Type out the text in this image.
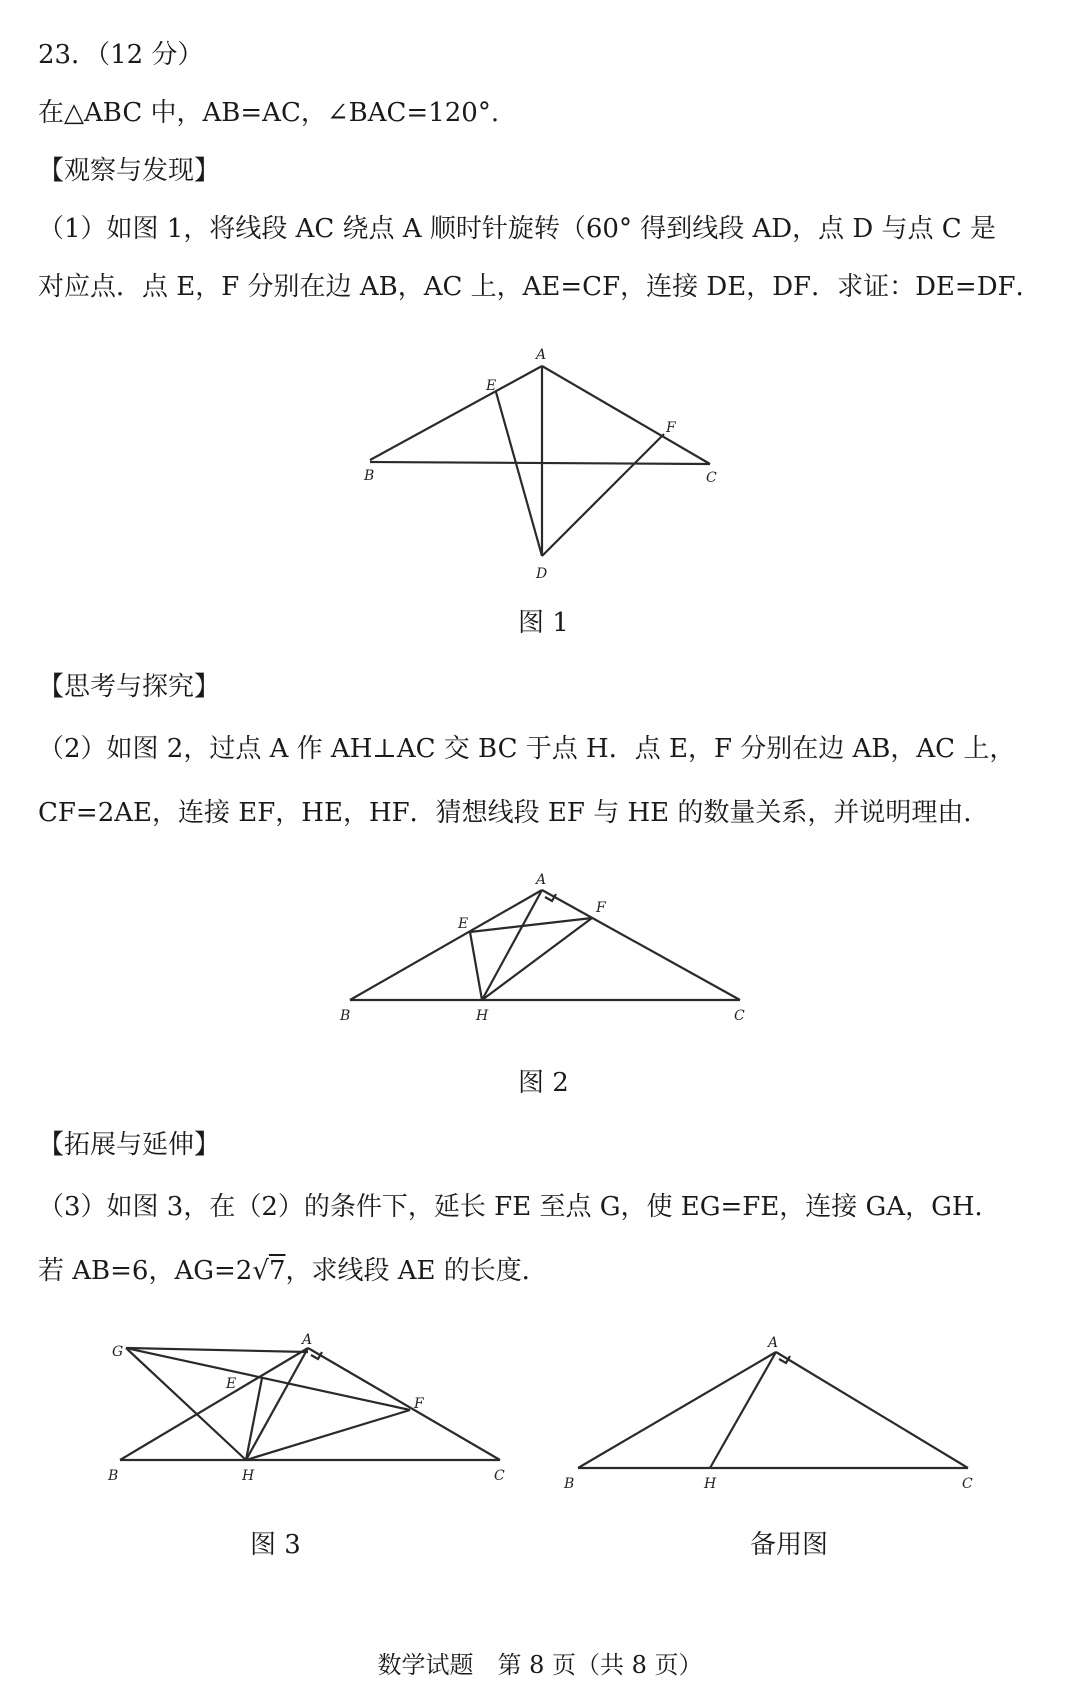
23．（12 分）
在△ABC 中，AB=AC，∠BAC=120°.
【观察与发现】
（1）如图 1，将线段 AC 绕点 A 顺时针旋转（60° 得到线段 AD，点 D 与点 C 是
对应点．点 E，F 分别在边 AB，AC 上，AE=CF，连接 DE，DF．求证：DE=DF．
A
E
F
B	C
D
A
E
F
B	H	C
G
A
E
F
B	H	C
A
B	H	C
图 1
【思考与探究】
（2）如图 2，过点 A 作 AH⊥AC 交 BC 于点 H．点 E，F 分别在边 AB，AC 上，
CF=2AE，连接 EF，HE，HF．猜想线段 EF 与 HE 的数量关系，并说明理由．
图 2
【拓展与延伸】
（3）如图 3，在（2）的条件下，延长 FE 至点 G，使 EG=FE，连接 GA，GH．
若 AB=6，AG=2√7，求线段 AE 的长度．
图 3	备用图
数学试题　第 8 页（共 8 页）
